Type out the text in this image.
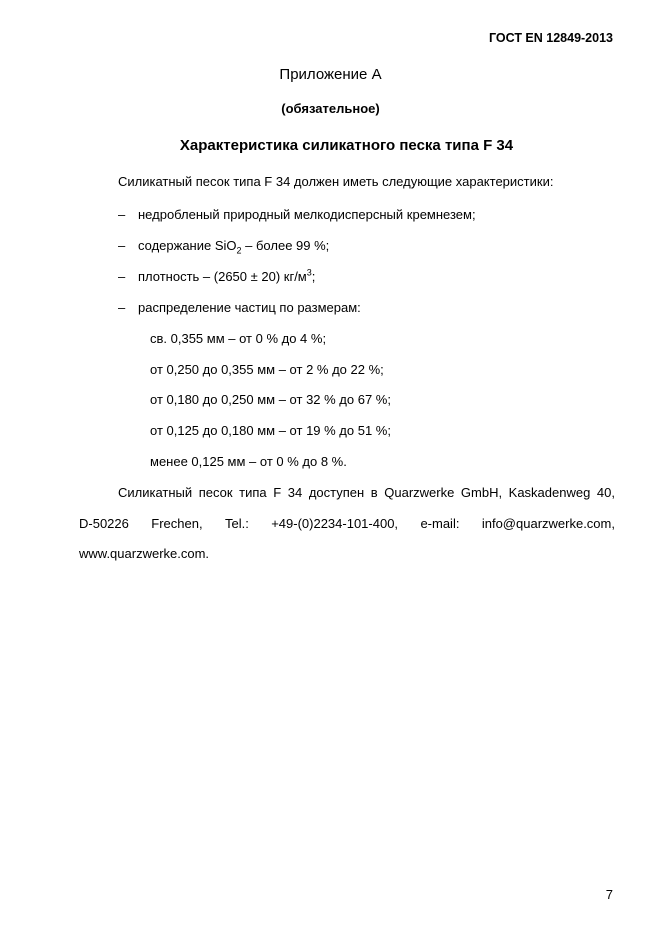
ГОСТ EN 12849-2013
Приложение А
(обязательное)
Характеристика силикатного песка типа F 34
Силикатный песок типа F 34 должен иметь следующие характеристики:
– недробленый природный мелкодисперсный кремнезем;
– содержание SiO$_2$ – более 99 %;
– плотность – (2650 ± 20) $кг/м^3$;
– распределение частиц по размерам:
св. 0,355 мм – от 0 % до 4 %;
от 0,250 до 0,355 мм – от 2 % до 22 %;
от 0,180 до 0,250 мм – от 32 % до 67 %;
от 0,125 до 0,180 мм – от 19 % до 51 %;
менее 0,125 мм – от 0 % до 8 %.
Силикатный песок типа F 34 доступен в Quarzwerke GmbH, Kaskadenweg 40,
D-50226 Frechen, Tel.: +49-(0)2234-101-400, e-mail: info@quarzwerke.com,
www.quarzwerke.com.
7
